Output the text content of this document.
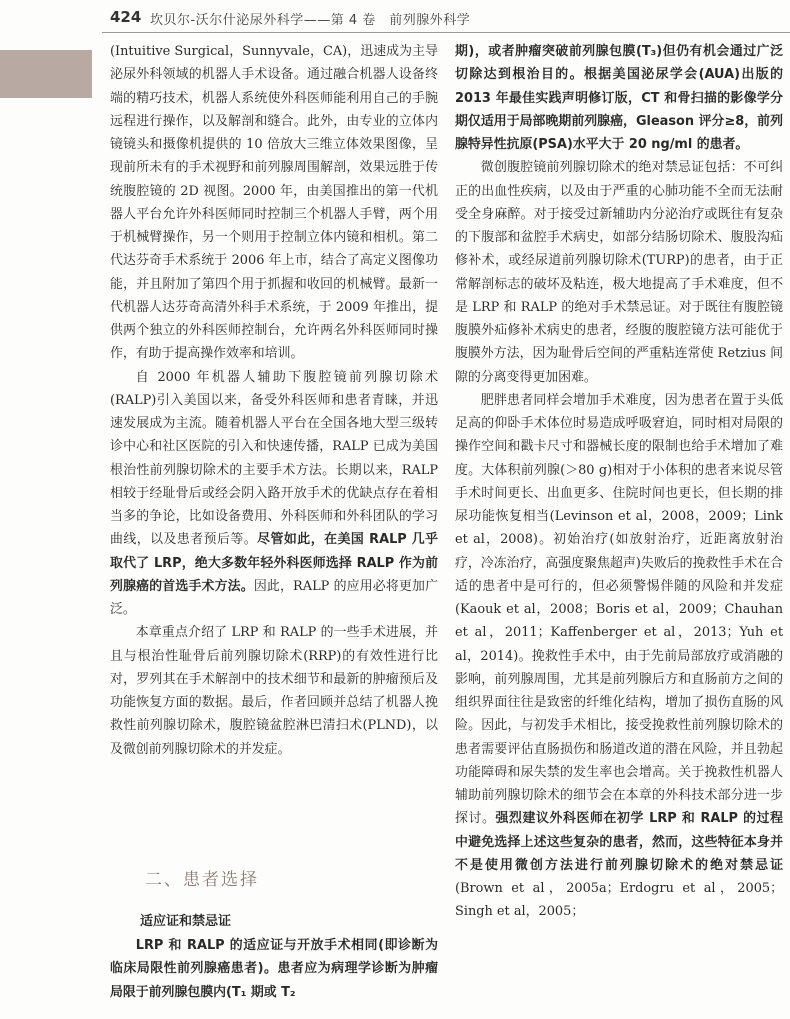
424 坎贝尔-沃尔什泌尿外科学——第 4 卷　前列腺外科学

(Intuitive Surgical，Sunnyvale，CA)，迅速成为主导泌尿外科领域的机器人手术设备。通过融合机器人设备终端的精巧技术，机器人系统使外科医师能利用自己的手腕远程进行操作，以及解剖和缝合。此外，由专业的立体内镜镜头和摄像机提供的 10 倍放大三维立体效果图像，呈现前所未有的手术视野和前列腺周围解剖，效果远胜于传统腹腔镜的 2D 视图。2000 年，由美国推出的第一代机器人平台允许外科医师同时控制三个机器人手臂，两个用于机械臂操作，另一个则用于控制立体内镜和相机。第二代达芬奇手术系统于 2006 年上市，结合了高定义图像功能，并且附加了第四个用于抓握和收回的机械臂。最新一代机器人达芬奇高清外科手术系统，于 2009 年推出，提供两个独立的外科医师控制台，允许两名外科医师同时操作，有助于提高操作效率和培训。

自 2000 年机器人辅助下腹腔镜前列腺切除术(RALP)引入美国以来，备受外科医师和患者青睐，并迅速发展成为主流。随着机器人平台在全国各地大型三级转诊中心和社区医院的引入和快速传播，RALP 已成为美国根治性前列腺切除术的主要手术方法。长期以来，RALP 相较于经耻骨后或经会阴入路开放手术的优缺点存在着相当多的争论，比如设备费用、外科医师和外科团队的学习曲线，以及患者预后等。尽管如此，在美国 RALP 几乎取代了 LRP，绝大多数年轻外科医师选择 RALP 作为前列腺癌的首选手术方法。因此，RALP 的应用必将更加广泛。

本章重点介绍了 LRP 和 RALP 的一些手术进展，并且与根治性耻骨后前列腺切除术(RRP)的有效性进行比对，罗列其在手术解剖中的技术细节和最新的肿瘤预后及功能恢复方面的数据。最后，作者回顾并总结了机器人挽救性前列腺切除术，腹腔镜盆腔淋巴清扫术(PLND)，以及微创前列腺切除术的并发症。

二、患者选择
适应证和禁忌证

LRP 和 RALP 的适应证与开放手术相同(即诊断为临床局限性前列腺癌患者)。患者应为病理学诊断为肿瘤局限于前列腺包膜内(T₁ 期或 T₂

期)，或者肿瘤突破前列腺包膜(T₃)但仍有机会通过广泛切除达到根治目的。根据美国泌尿学会(AUA)出版的 2013 年最佳实践声明修订版，CT 和骨扫描的影像学分期仅适用于局部晚期前列腺癌，Gleason 评分≥8，前列腺特异性抗原(PSA)水平大于 20 ng/ml 的患者。

微创腹腔镜前列腺切除术的绝对禁忌证包括：不可纠正的出血性疾病，以及由于严重的心肺功能不全而无法耐受全身麻醉。对于接受过新辅助内分泌治疗或既往有复杂的下腹部和盆腔手术病史，如部分结肠切除术、腹股沟疝修补术，或经尿道前列腺切除术(TURP)的患者，由于正常解剖标志的破坏及粘连，极大地提高了手术难度，但不是 LRP 和 RALP 的绝对手术禁忌证。对于既往有腹腔镜腹膜外疝修补术病史的患者，经腹的腹腔镜方法可能优于腹膜外方法，因为耻骨后空间的严重粘连常使 Retzius 间隙的分离变得更加困难。

肥胖患者同样会增加手术难度，因为患者在置于头低足高的仰卧手术体位时易造成呼吸窘迫，同时相对局限的操作空间和戳卡尺寸和器械长度的限制也给手术增加了难度。大体积前列腺(＞80 g)相对于小体积的患者来说尽管手术时间更长、出血更多、住院时间也更长，但长期的排尿功能恢复相当(Levinson et al，2008，2009；Link et al，2008)。初始治疗(如放射治疗，近距离放射治疗，冷冻治疗，高强度聚焦超声)失败后的挽救性手术在合适的患者中是可行的，但必须警惕伴随的风险和并发症(Kaouk et al，2008；Boris et al，2009；Chauhan et al，2011；Kaffenberger et al，2013；Yuh et al，2014)。挽救性手术中，由于先前局部放疗或消融的影响，前列腺周围，尤其是前列腺后方和直肠前方之间的组织界面往往是致密的纤维化结构，增加了损伤直肠的风险。因此，与初发手术相比，接受挽救性前列腺切除术的患者需要评估直肠损伤和肠道改道的潜在风险，并且勃起功能障碍和尿失禁的发生率也会增高。关于挽救性机器人辅助前列腺切除术的细节会在本章的外科技术部分进一步探讨。强烈建议外科医师在初学 LRP 和 RALP 的过程中避免选择上述这些复杂的患者，然而，这些特征本身并不是使用微创方法进行前列腺切除术的绝对禁忌证(Brown et al，2005a；Erdogru et al，2005；Singh et al，2005；
